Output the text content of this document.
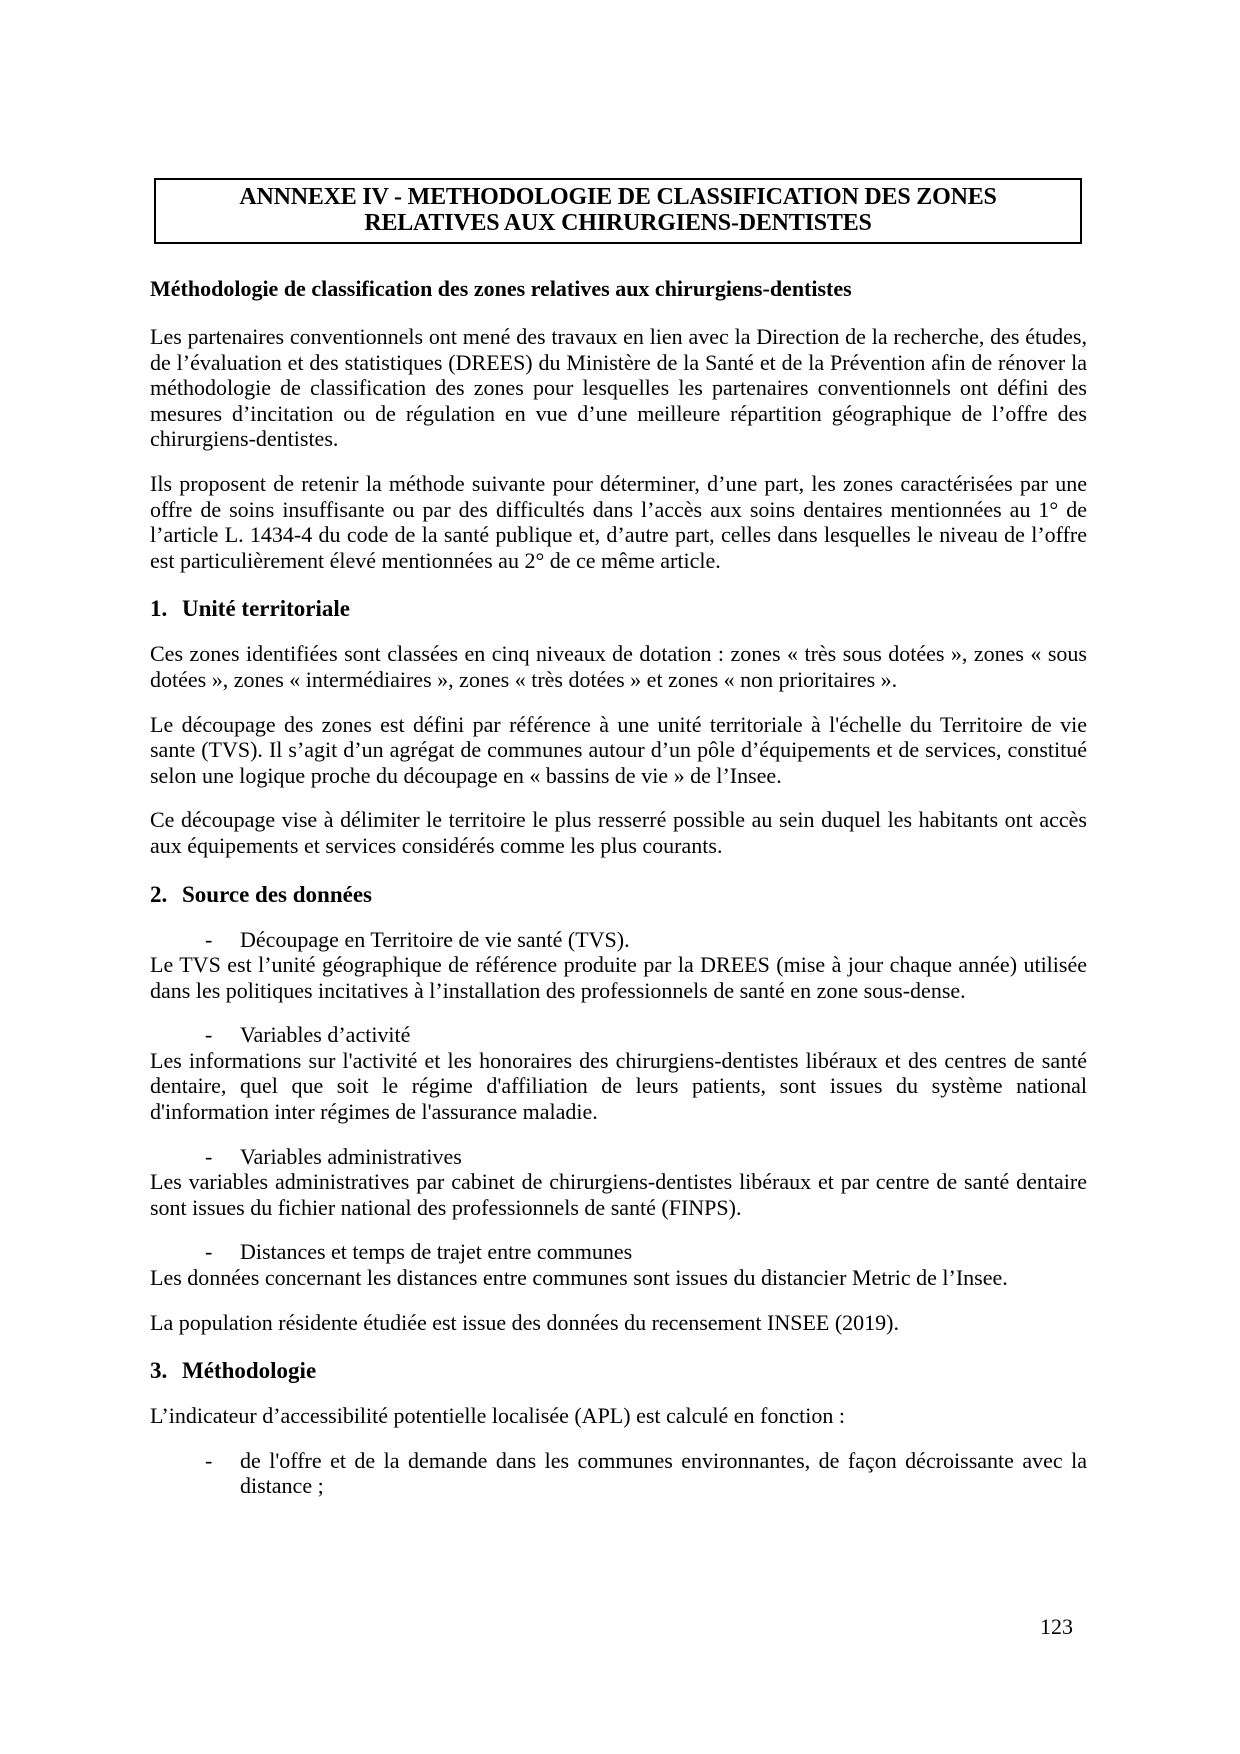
ANNNEXE IV - METHODOLOGIE DE CLASSIFICATION DES ZONES
RELATIVES AUX CHIRURGIENS-DENTISTES
Méthodologie de classification des zones relatives aux chirurgiens-dentistes

Les partenaires conventionnels ont mené des travaux en lien avec la Direction de la recherche, des études, de l’évaluation et des statistiques (DREES) du Ministère de la Santé et de la Prévention afin de rénover la méthodologie de classification des zones pour lesquelles les partenaires conventionnels ont défini des mesures d’incitation ou de régulation en vue d’une meilleure répartition géographique de l’offre des chirurgiens-dentistes.

Ils proposent de retenir la méthode suivante pour déterminer, d’une part, les zones caractérisées par une offre de soins insuffisante ou par des difficultés dans l’accès aux soins dentaires mentionnées au 1° de l’article L. 1434-4 du code de la santé publique et, d’autre part, celles dans lesquelles le niveau de l’offre est particulièrement élevé mentionnées au 2° de ce même article.

1. Unité territoriale

Ces zones identifiées sont classées en cinq niveaux de dotation : zones « très sous dotées », zones « sous dotées », zones « intermédiaires », zones « très dotées » et zones « non prioritaires ».

Le découpage des zones est défini par référence à une unité territoriale à l'échelle du Territoire de vie sante (TVS). Il s’agit d’un agrégat de communes autour d’un pôle d’équipements et de services, constitué selon une logique proche du découpage en « bassins de vie » de l’Insee.

Ce découpage vise à délimiter le territoire le plus resserré possible au sein duquel les habitants ont accès aux équipements et services considérés comme les plus courants.

2. Source des données
- Découpage en Territoire de vie santé (TVS).

Le TVS est l’unité géographique de référence produite par la DREES (mise à jour chaque année) utilisée dans les politiques incitatives à l’installation des professionnels de santé en zone sous-dense.

- Variables d’activité

Les informations sur l'activité et les honoraires des chirurgiens-dentistes libéraux et des centres de santé dentaire, quel que soit le régime d'affiliation de leurs patients, sont issues du système national d'information inter régimes de l'assurance maladie.

- Variables administratives

Les variables administratives par cabinet de chirurgiens-dentistes libéraux et par centre de santé dentaire sont issues du fichier national des professionnels de santé (FINPS).

- Distances et temps de trajet entre communes

Les données concernant les distances entre communes sont issues du distancier Metric de l’Insee.

La population résidente étudiée est issue des données du recensement INSEE (2019).

3. Méthodologie

L’indicateur d’accessibilité potentielle localisée (APL) est calculé en fonction :

- de l'offre et de la demande dans les communes environnantes, de façon décroissante avec la distance ;
123
